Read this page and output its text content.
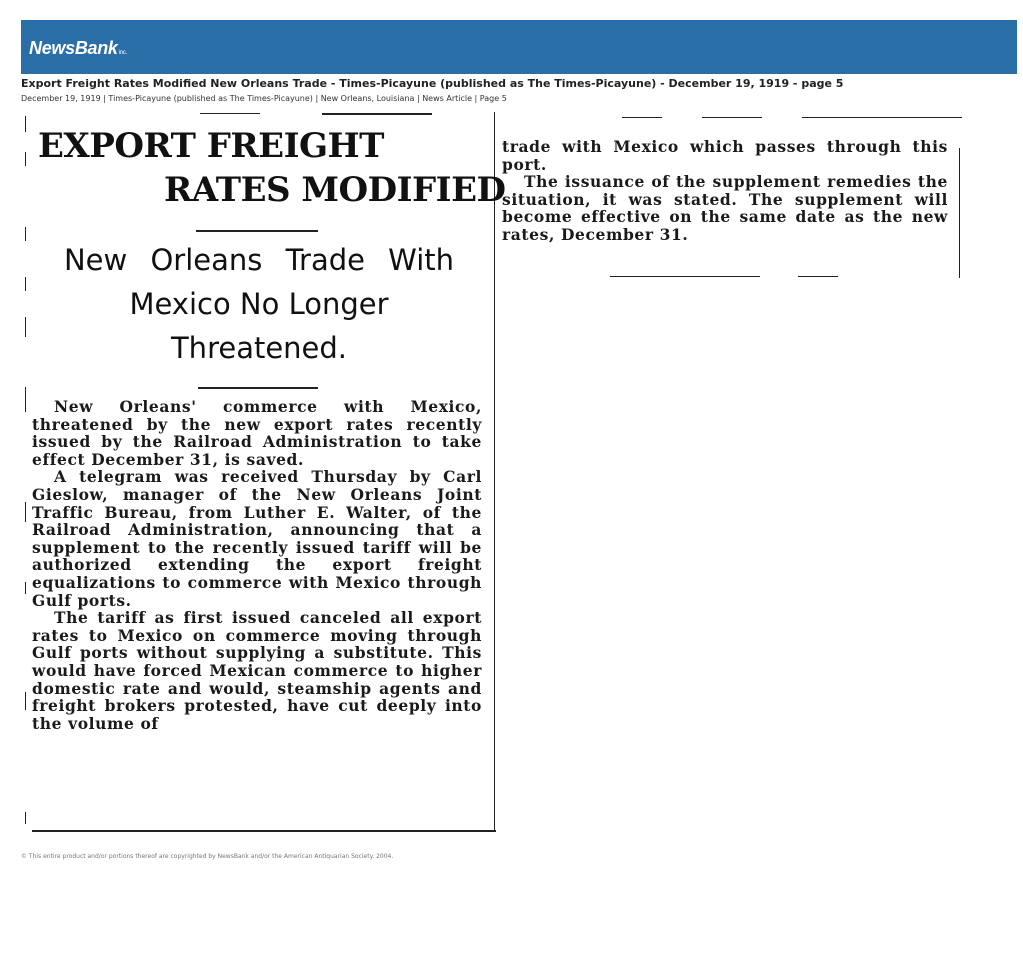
NewsBankinc.
Export Freight Rates Modified New Orleans Trade - Times-Picayune (published as The Times-Picayune) - December 19, 1919 - page 5
December 19, 1919 | Times-Picayune (published as The Times-Picayune) | New Orleans, Louisiana | News Article | Page 5
EXPORT FREIGHT
RATES MODIFIED
New Orleans Trade With
Mexico No Longer
Threatened.

New Orleans' commerce with Mexico, threatened by the new export rates recently issued by the Railroad Administration to take effect December 31, is saved.

A telegram was received Thursday by Carl Gieslow, manager of the New Orleans Joint Traffic Bureau, from Luther E. Walter, of the Railroad Administration, announcing that a supplement to the recently issued tariff will be authorized extending the export freight equalizations to commerce with Mexico through Gulf ports.

The tariff as first issued canceled all export rates to Mexico on commerce moving through Gulf ports without supplying a substitute. This would have forced Mexican commerce to higher domestic rate and would, steamship agents and freight brokers protested, have cut deeply into the volume of

trade with Mexico which passes through this port.

The issuance of the supplement remedies the situation, it was stated. The supplement will become effective on the same date as the new rates, December 31.

© This entire product and/or portions thereof are copyrighted by NewsBank and/or the American Antiquarian Society. 2004.
